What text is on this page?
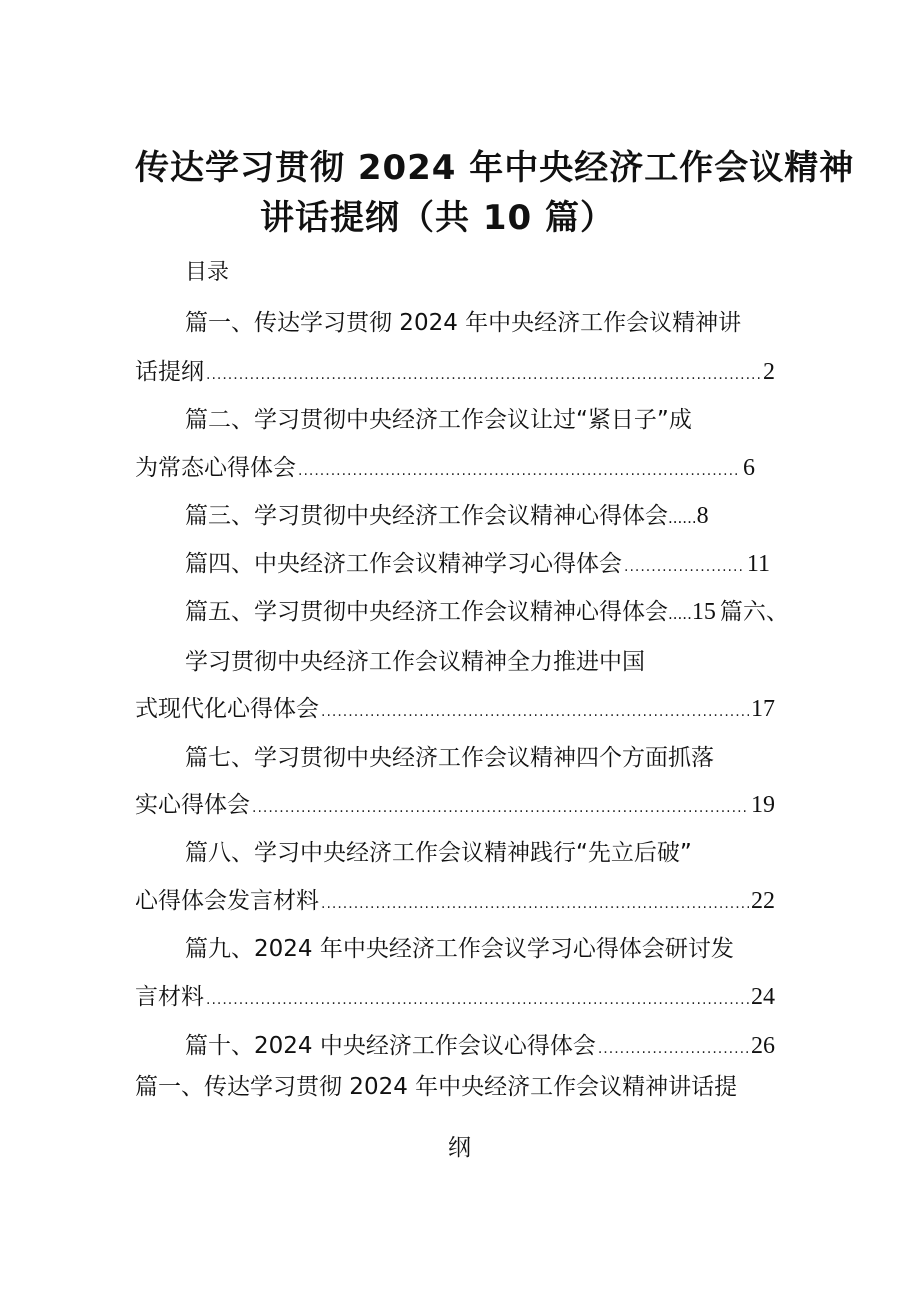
传达学习贯彻 2024 年中央经济工作会议精神
讲话提纲（共 10 篇）
目录
篇一、传达学习贯彻 2024 年中央经济工作会议精神讲
话提纲 .....	2
篇二、学习贯彻中央经济工作会议让过“紧日子”成
为常态心得体会 .....	6
篇三、学习贯彻中央经济工作会议精神心得体会......8
篇四、中央经济工作会议精神学习心得体会 .....	11
篇五、学习贯彻中央经济工作会议精神心得体会.....15 篇六、
学习贯彻中央经济工作会议精神全力推进中国
式现代化心得体会 .....	17
篇七、学习贯彻中央经济工作会议精神四个方面抓落
实心得体会 .....	19
篇八、学习中央经济工作会议精神践行“先立后破”
心得体会发言材料 .....	22
篇九、2024 年中央经济工作会议学习心得体会研讨发
言材料 .....	24
篇十、2024 中央经济工作会议心得体会 .....	26
篇一、传达学习贯彻 2024 年中央经济工作会议精神讲话提
纲
